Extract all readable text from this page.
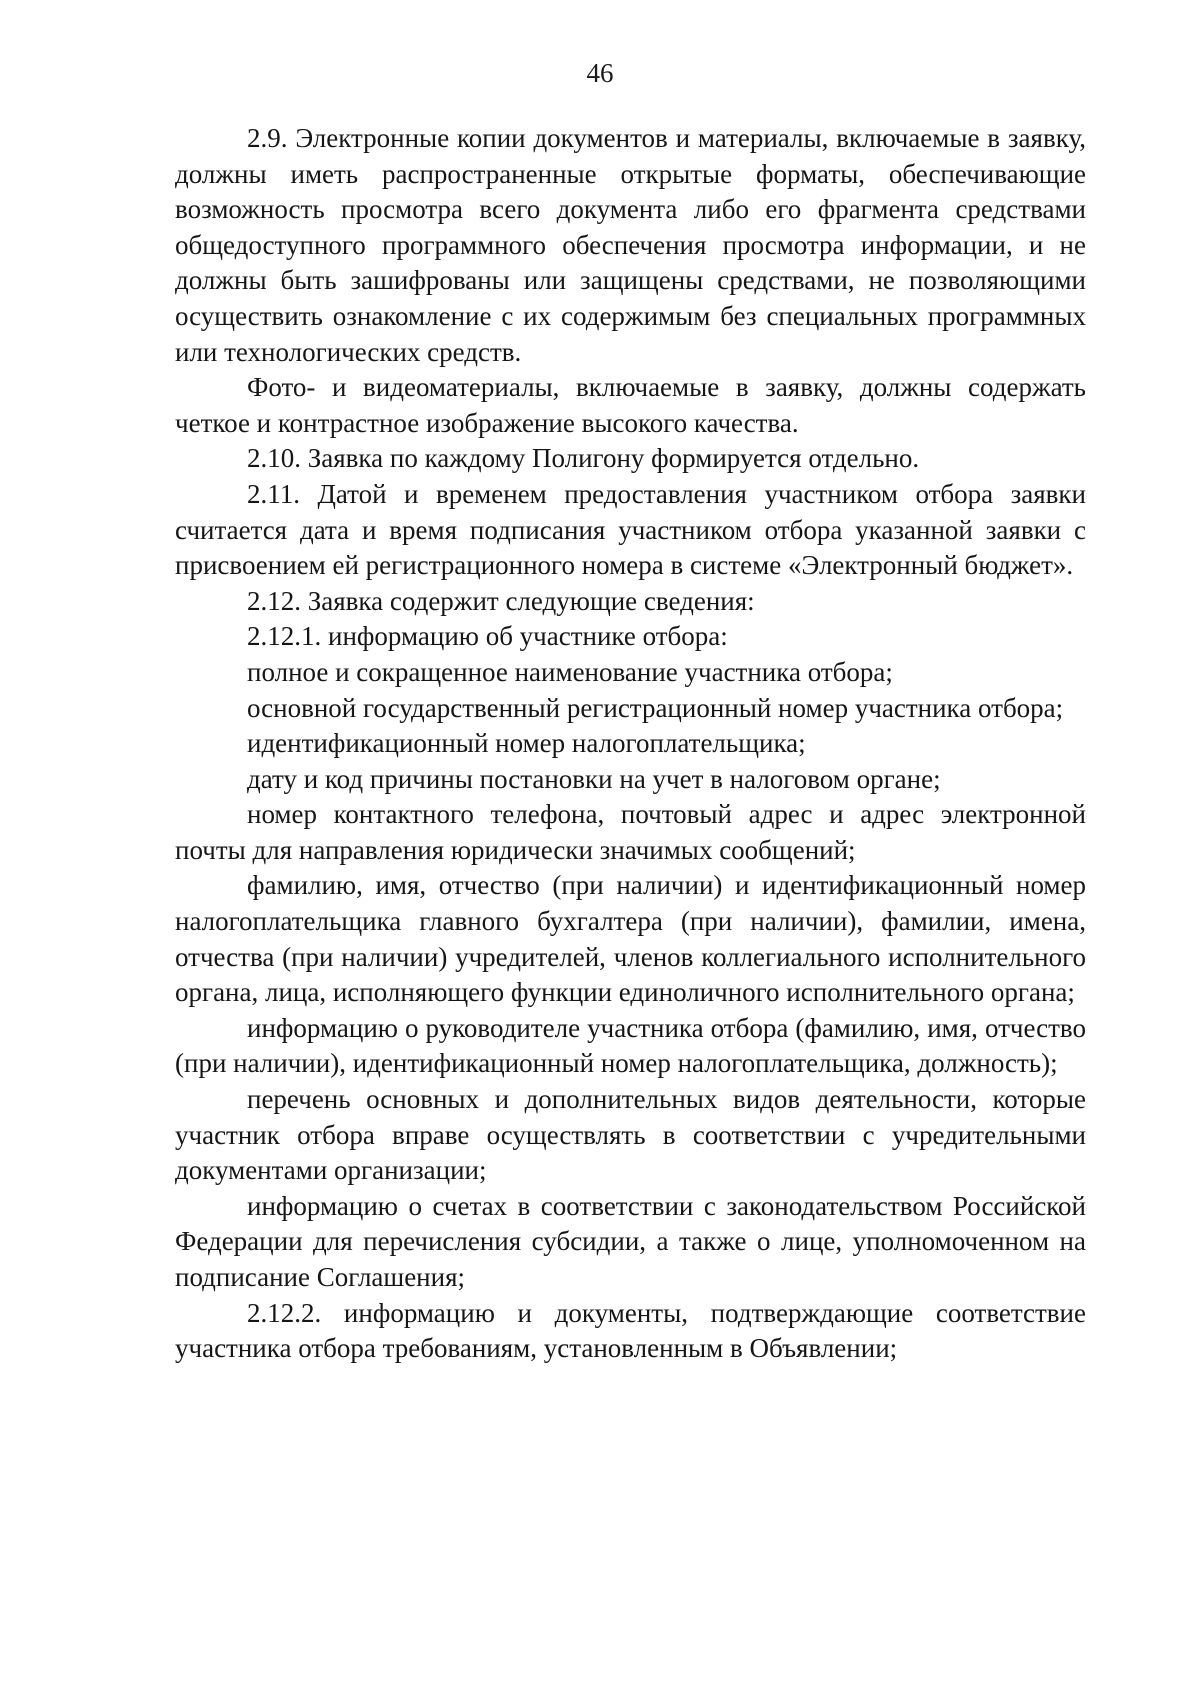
46

2.9. Электронные копии документов и материалы, включаемые в заявку, должны иметь распространенные открытые форматы, обеспечивающие возможность просмотра всего документа либо его фрагмента средствами общедоступного программного обеспечения просмотра информации, и не должны быть зашифрованы или защищены средствами, не позволяющими осуществить ознакомление с их содержимым без специальных программных или технологических средств.

Фото- и видеоматериалы, включаемые в заявку, должны содержать четкое и контрастное изображение высокого качества.

2.10. Заявка по каждому Полигону формируется отдельно.

2.11. Датой и временем предоставления участником отбора заявки считается дата и время подписания участником отбора указанной заявки с присвоением ей регистрационного номера в системе «Электронный бюджет».

2.12. Заявка содержит следующие сведения:

2.12.1. информацию об участнике отбора:

полное и сокращенное наименование участника отбора;

основной государственный регистрационный номер участника отбора;

идентификационный номер налогоплательщика;

дату и код причины постановки на учет в налоговом органе;

номер контактного телефона, почтовый адрес и адрес электронной почты для направления юридически значимых сообщений;

фамилию, имя, отчество (при наличии) и идентификационный номер налогоплательщика главного бухгалтера (при наличии), фамилии, имена, отчества (при наличии) учредителей, членов коллегиального исполнительного органа, лица, исполняющего функции единоличного исполнительного органа;

информацию о руководителе участника отбора (фамилию, имя, отчество (при наличии), идентификационный номер налогоплательщика, должность);

перечень основных и дополнительных видов деятельности, которые участник отбора вправе осуществлять в соответствии с учредительными документами организации;

информацию о счетах в соответствии с законодательством Российской Федерации для перечисления субсидии, а также о лице, уполномоченном на подписание Соглашения;

2.12.2. информацию и документы, подтверждающие соответствие участника отбора требованиям, установленным в Объявлении;
